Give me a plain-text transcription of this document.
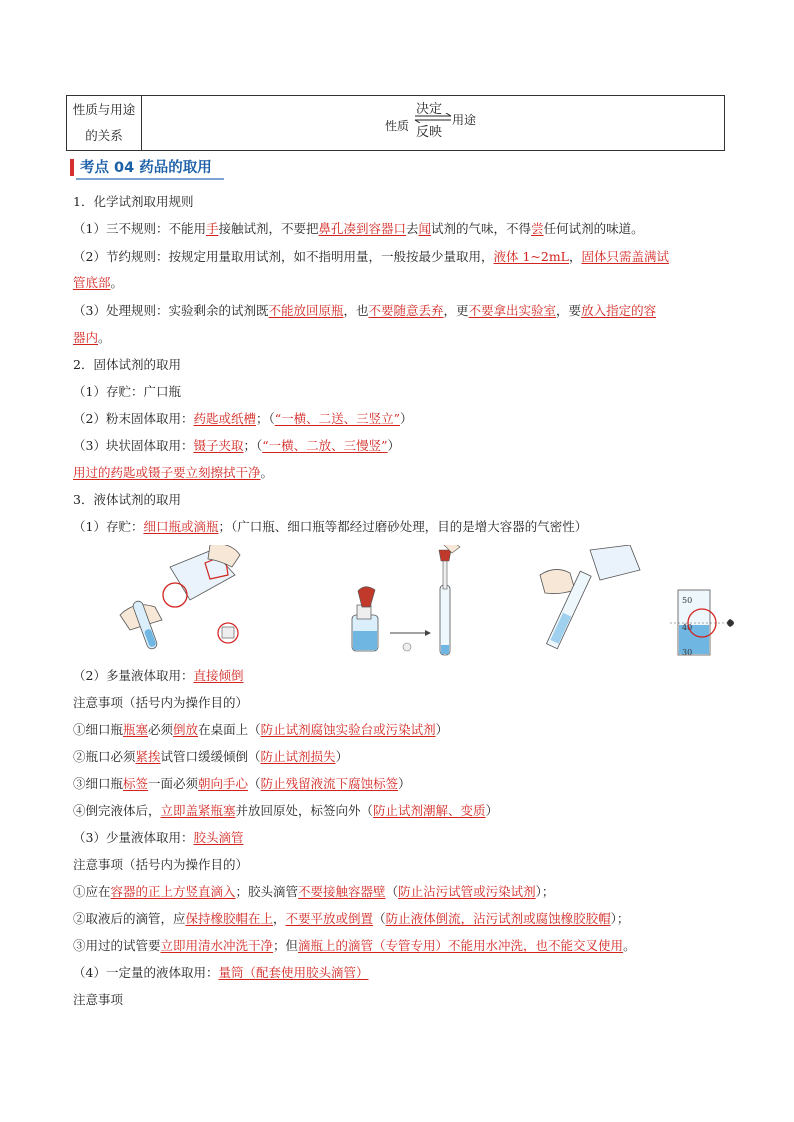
性质与用途
的关系
性质
决定
反映
用途
考点 04 药品的取用
1．化学试剂取用规则
（1）三不规则：不能用手接触试剂，不要把鼻孔凑到容器口去闻试剂的气味，不得尝任何试剂的味道。
（2）节约规则：按规定用量取用试剂，如不指明用量，一般按最少量取用，液体 1~2mL，固体只需盖满试
管底部。
（3）处理规则：实验剩余的试剂既不能放回原瓶，也不要随意丢弃，更不要拿出实验室，要放入指定的容
器内。
2．固体试剂的取用
（1）存贮：广口瓶
（2）粉末固体取用：药匙或纸槽；（“一横、二送、三竖立”）
（3）块状固体取用：镊子夹取；（“一横、二放、三慢竖”）
用过的药匙或镊子要立刻擦拭干净。
3．液体试剂的取用
（1）存贮：细口瓶或滴瓶；（广口瓶、细口瓶等都经过磨砂处理，目的是增大容器的气密性）
50
40
30
（2）多量液体取用：直接倾倒
注意事项（括号内为操作目的）
①细口瓶瓶塞必须倒放在桌面上（防止试剂腐蚀实验台或污染试剂）
②瓶口必须紧挨试管口缓缓倾倒（防止试剂损失）
③细口瓶标签一面必须朝向手心（防止残留液流下腐蚀标签）
④倒完液体后，立即盖紧瓶塞并放回原处，标签向外（防止试剂潮解、变质）
（3）少量液体取用：胶头滴管
注意事项（括号内为操作目的）
①应在容器的正上方竖直滴入；胶头滴管不要接触容器壁（防止沾污试管或污染试剂）；
②取液后的滴管，应保持橡胶帽在上，不要平放或倒置（防止液体倒流，沾污试剂或腐蚀橡胶胶帽）；
③用过的试管要立即用清水冲洗干净；但滴瓶上的滴管（专管专用）不能用水冲洗，也不能交叉使用。
（4）一定量的液体取用：量筒（配套使用胶头滴管）
注意事项
